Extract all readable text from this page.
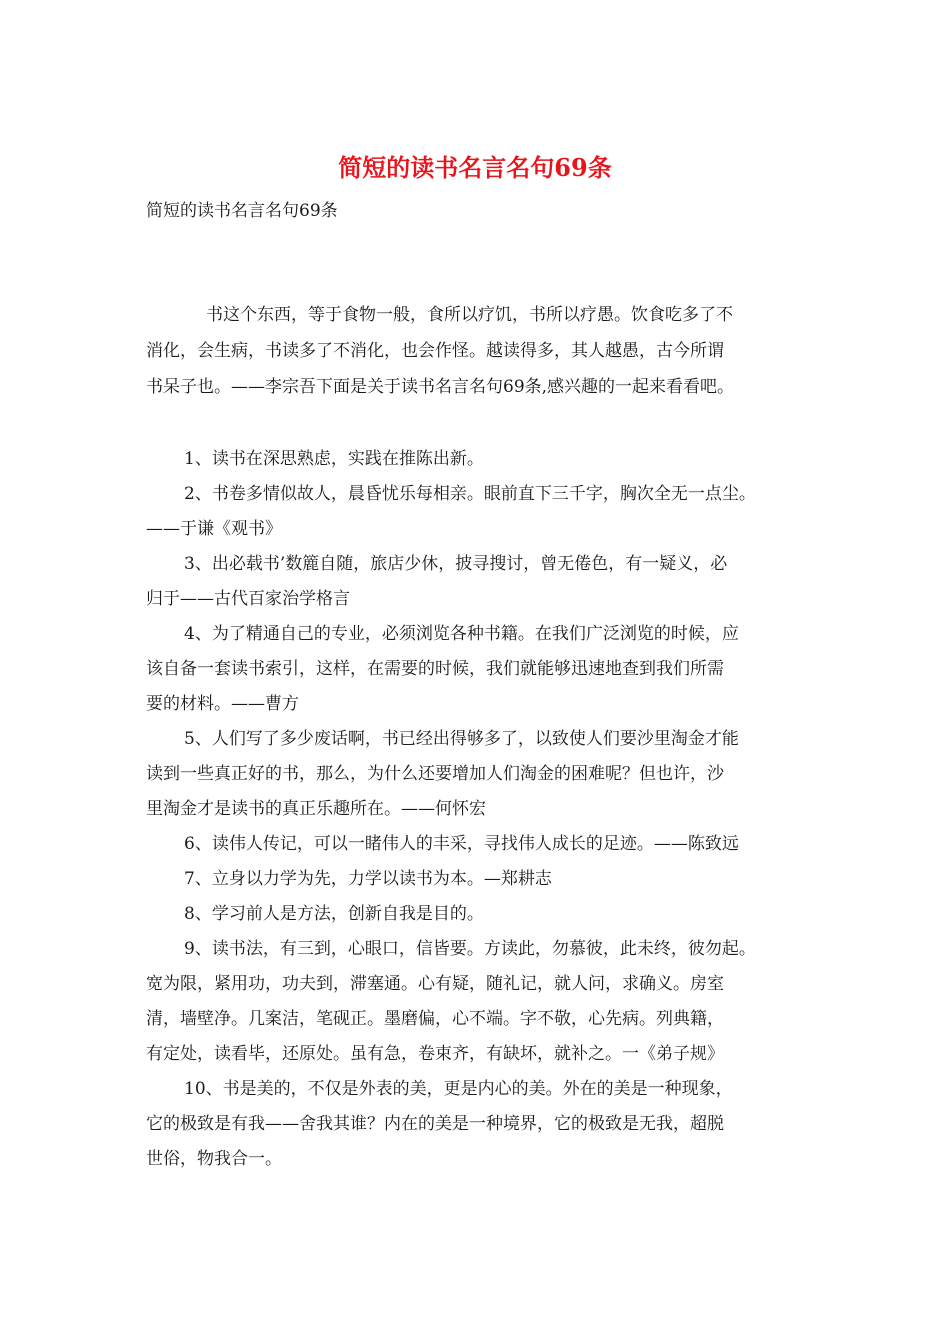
简短的读书名言名句69条

简短的读书名言名句69条

书这个东西，等于食物一般，食所以疗饥，书所以疗愚。饮食吃多了不
消化，会生病，书读多了不消化，也会作怪。越读得多，其人越愚，古今所谓
书呆子也。——李宗吾下面是关于读书名言名句69条,感兴趣的一起来看看吧。
1、读书在深思熟虑，实践在推陈出新。
2、书卷多情似故人，晨昏忧乐每相亲。眼前直下三千字，胸次全无一点尘。
——于谦《观书》
3、出必载书’数簏自随，旅店少休，披寻搜讨，曾无倦色，有一疑义，必
归于——古代百家治学格言
4、为了精通自己的专业，必须浏览各种书籍。在我们广泛浏览的时候，应
该自备一套读书索引，这样，在需要的时候，我们就能够迅速地查到我们所需
要的材料。——曹方
5、人们写了多少废话啊，书已经出得够多了，以致使人们要沙里淘金才能
读到一些真正好的书，那么，为什么还要增加人们淘金的困难呢？但也许，沙
里淘金才是读书的真正乐趣所在。——何怀宏
6、读伟人传记，可以一睹伟人的丰采，寻找伟人成长的足迹。——陈致远
7、立身以力学为先，力学以读书为本。—郑耕志
8、学习前人是方法，创新自我是目的。
9、读书法，有三到，心眼口，信皆要。方读此，勿慕彼，此未终，彼勿起。
宽为限，紧用功，功夫到，滞塞通。心有疑，随礼记，就人问，求确义。房室
清，墙壁净。几案洁，笔砚正。墨磨偏，心不端。字不敬，心先病。列典籍，
有定处，读看毕，还原处。虽有急，卷束齐，有缺坏，就补之。一《弟子规》
10、书是美的，不仅是外表的美，更是内心的美。外在的美是一种现象，
它的极致是有我——舍我其谁？内在的美是一种境界，它的极致是无我，超脱
世俗，物我合一。
